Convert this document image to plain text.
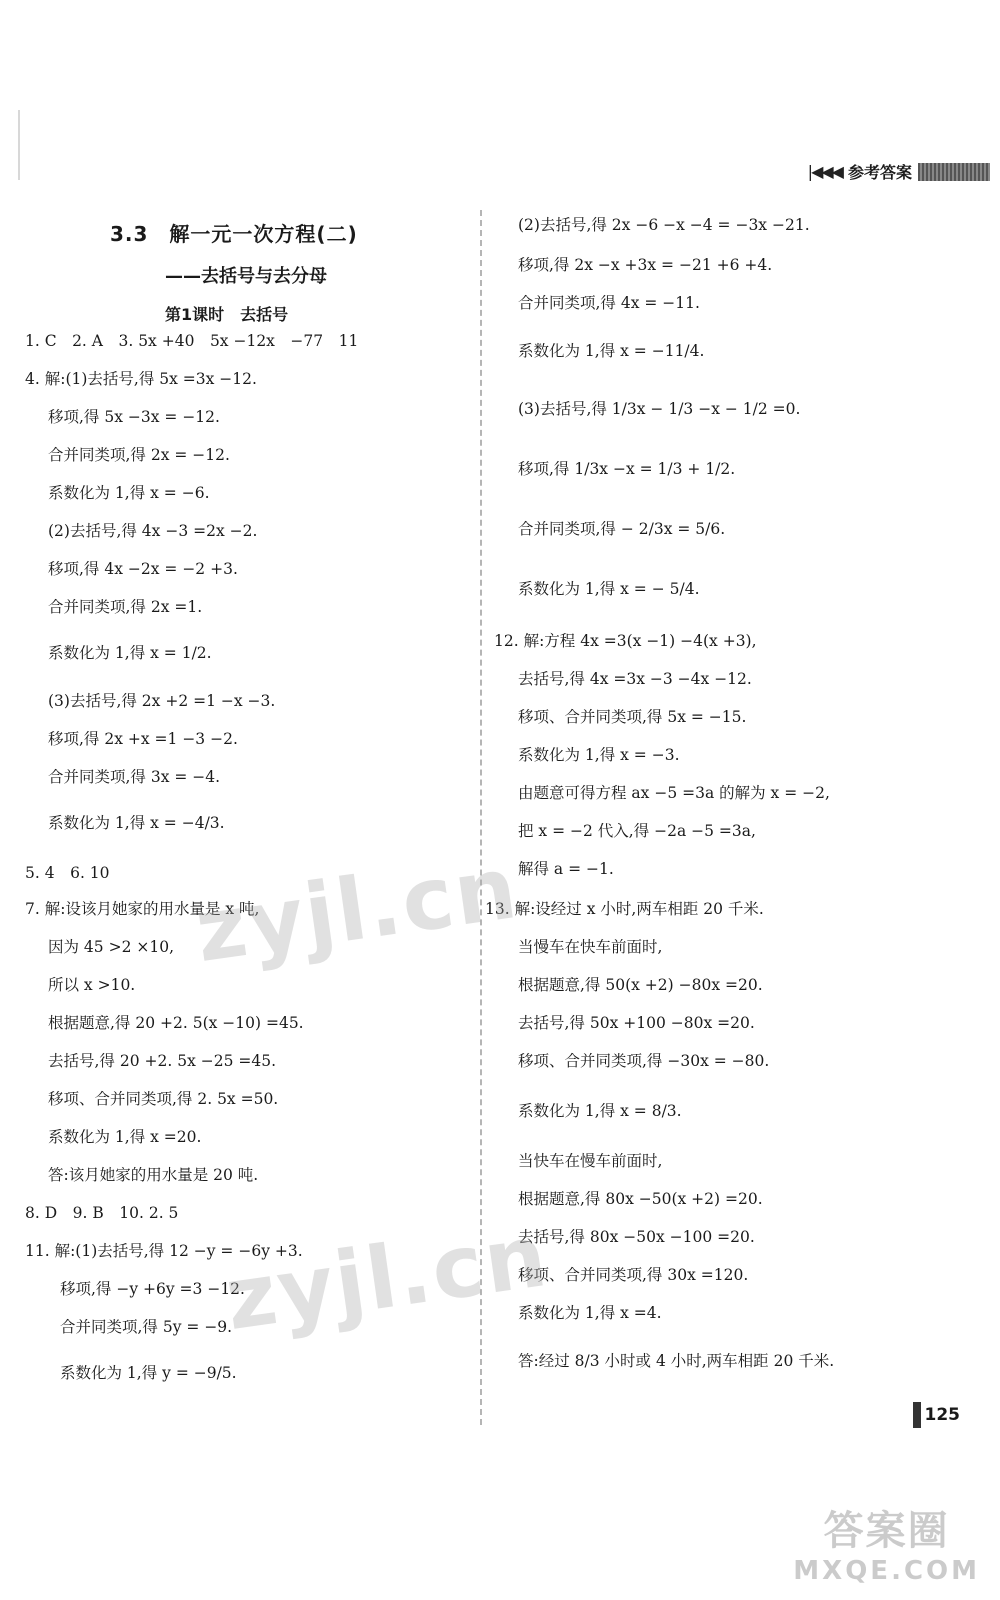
|◀◀◀ 参考答案
3.3　解一元一次方程(二)
——去括号与去分母
第1课时　去括号
1. C　2. A　3. 5x +40　5x −12x　−77　11
4. 解:(1)去括号,得 5x =3x −12.
移项,得 5x −3x = −12.
合并同类项,得 2x = −12.
系数化为 1,得 x = −6.
(2)去括号,得 4x −3 =2x −2.
移项,得 4x −2x = −2 +3.
合并同类项,得 2x =1.
系数化为 1,得 x = 1/2.
(3)去括号,得 2x +2 =1 −x −3.
移项,得 2x +x =1 −3 −2.
合并同类项,得 3x = −4.
系数化为 1,得 x = −4/3.
5. 4　6. 10
7. 解:设该月她家的用水量是 x 吨,
因为 45 >2 ×10,
所以 x >10.
根据题意,得 20 +2. 5(x −10) =45.
去括号,得 20 +2. 5x −25 =45.
移项、合并同类项,得 2. 5x =50.
系数化为 1,得 x =20.
答:该月她家的用水量是 20 吨.
8. D　9. B　10. 2. 5
11. 解:(1)去括号,得 12 −y = −6y +3.
移项,得 −y +6y =3 −12.
合并同类项,得 5y = −9.
系数化为 1,得 y = −9/5.
(2)去括号,得 2x −6 −x −4 = −3x −21.
移项,得 2x −x +3x = −21 +6 +4.
合并同类项,得 4x = −11.
系数化为 1,得 x = −11/4.
(3)去括号,得 1/3x − 1/3 −x − 1/2 =0.
移项,得 1/3x −x = 1/3 + 1/2.
合并同类项,得 − 2/3x = 5/6.
系数化为 1,得 x = − 5/4.
12. 解:方程 4x =3(x −1) −4(x +3),
去括号,得 4x =3x −3 −4x −12.
移项、合并同类项,得 5x = −15.
系数化为 1,得 x = −3.
由题意可得方程 ax −5 =3a 的解为 x = −2,
把 x = −2 代入,得 −2a −5 =3a,
解得 a = −1.
13. 解:设经过 x 小时,两车相距 20 千米.
当慢车在快车前面时,
根据题意,得 50(x +2) −80x =20.
去括号,得 50x +100 −80x =20.
移项、合并同类项,得 −30x = −80.
系数化为 1,得 x = 8/3.
当快车在慢车前面时,
根据题意,得 80x −50(x +2) =20.
去括号,得 80x −50x −100 =20.
移项、合并同类项,得 30x =120.
系数化为 1,得 x =4.
答:经过 8/3 小时或 4 小时,两车相距 20 千米.
zyjl.cn
zyjl.cn
125
答案圈
MXQE.COM
